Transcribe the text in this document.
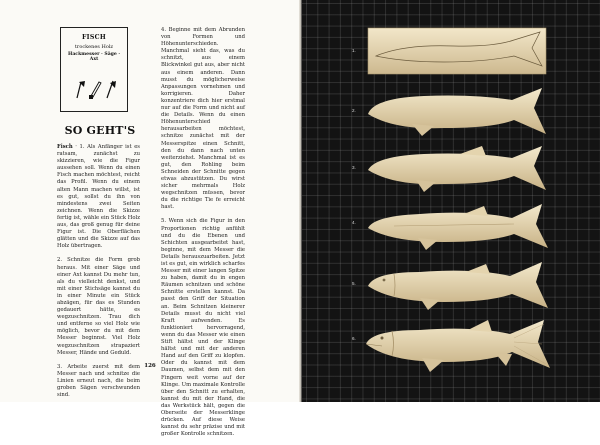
FISCH
trockenes Holz
Hackmesser · Säge · Axt
SO GEHT'S

Fisch · 1. Als Anfänger ist es ratsam, zunächst zu skizzieren, wie die Figur aussehen soll. Wenn du einen Fisch machen möchtest, reicht das Profil. Wenn du einem alten Mann machen willst, ist es gut, sollst du ihn von mindestens zwei Seiten zeichnen. Wenn die Skizze fertig ist, wähle ein Stück Holz aus, das groß genug für deine Figur ist. Die Oberflächen glätten und die Skizze auf das Holz übertragen.

2. Schnitze die Form grob heraus. Mit einer Säge und einer Axt kannst Du mehr tun, als du vielleicht denkst, und mit einer Stichsäge kannst du in einer Minute ein Stück abzägen, für das es Stunden gedauert hätte, es wegzuschnitzen. Trau dich und entferne so viel Holz wie möglich, bevor du mit dem Messer beginnst. Viel Holz wegzuschnitzen strapaziert Messer, Hände und Geduld.

3. Arbeite zuerst mit dem Messer nach und schnitze die Linien erneut nach, die beim groben Sägen verschwunden sind.

4. Beginne mit dem Abrunden von Formen und Höhenunterschieden. Manchmal sieht das, was du schnitzt, aus einem Blickwinkel gut aus, aber nicht aus einem anderen. Dann musst du möglicherweise Anpassungen vornehmen und korrigieren. Daher konzentriere dich hier erstmal nur auf die Form und nicht auf die Details. Wenn du einen Höhenunterschied herausarbeiten möchtest, schnitze zunächst mit der Messerspitze einen Schnitt, den du dann nach unten weiterziehst. Manchmal ist es gut, den Rohling beim Schneiden der Schnitte gegen etwas abzustützen. Du wirst sicher mehrmals Holz wegschnitzen müssen, bevor du die richtige Tie fe erreicht hast.

5. Wenn sich die Figur in den Proportionen richtig anfühlt und du die Ebenen und Schichten ausgearbeitet hast, beginne, mit dem Messer die Details herauszuarbeiten. Jetzt ist es gut, ein wirklich scharfes Messer mit einer langen Spitze zu haben, damit du in engen Räumen schnitzen und schöne Schnitte erstellen kannst. Da passt den Griff der Situation an. Beim Schnitzen kleinerer Details musst du nicht viel Kraft aufwenden. Es funktioniert hervorragend, wenn du das Messer wie einen Stift hältst und der Klinge hältst und mit der anderen Hand auf den Griff zu klopfen. Oder du kannst mit dem Daumen, selbst dem mit den Fingern weit vorne auf der Klinge. Um maximale Kontrolle über den Schnitt zu erhalten, kannst du mit der Hand, die das Werkstück hält, gegen die Oberseite der Messerklinge drücken. Auf diese Weise kannst du sehr präzise und mit großer Kontrolle schnitzen.

126
1.
2.
3.
4.
5.
6.
